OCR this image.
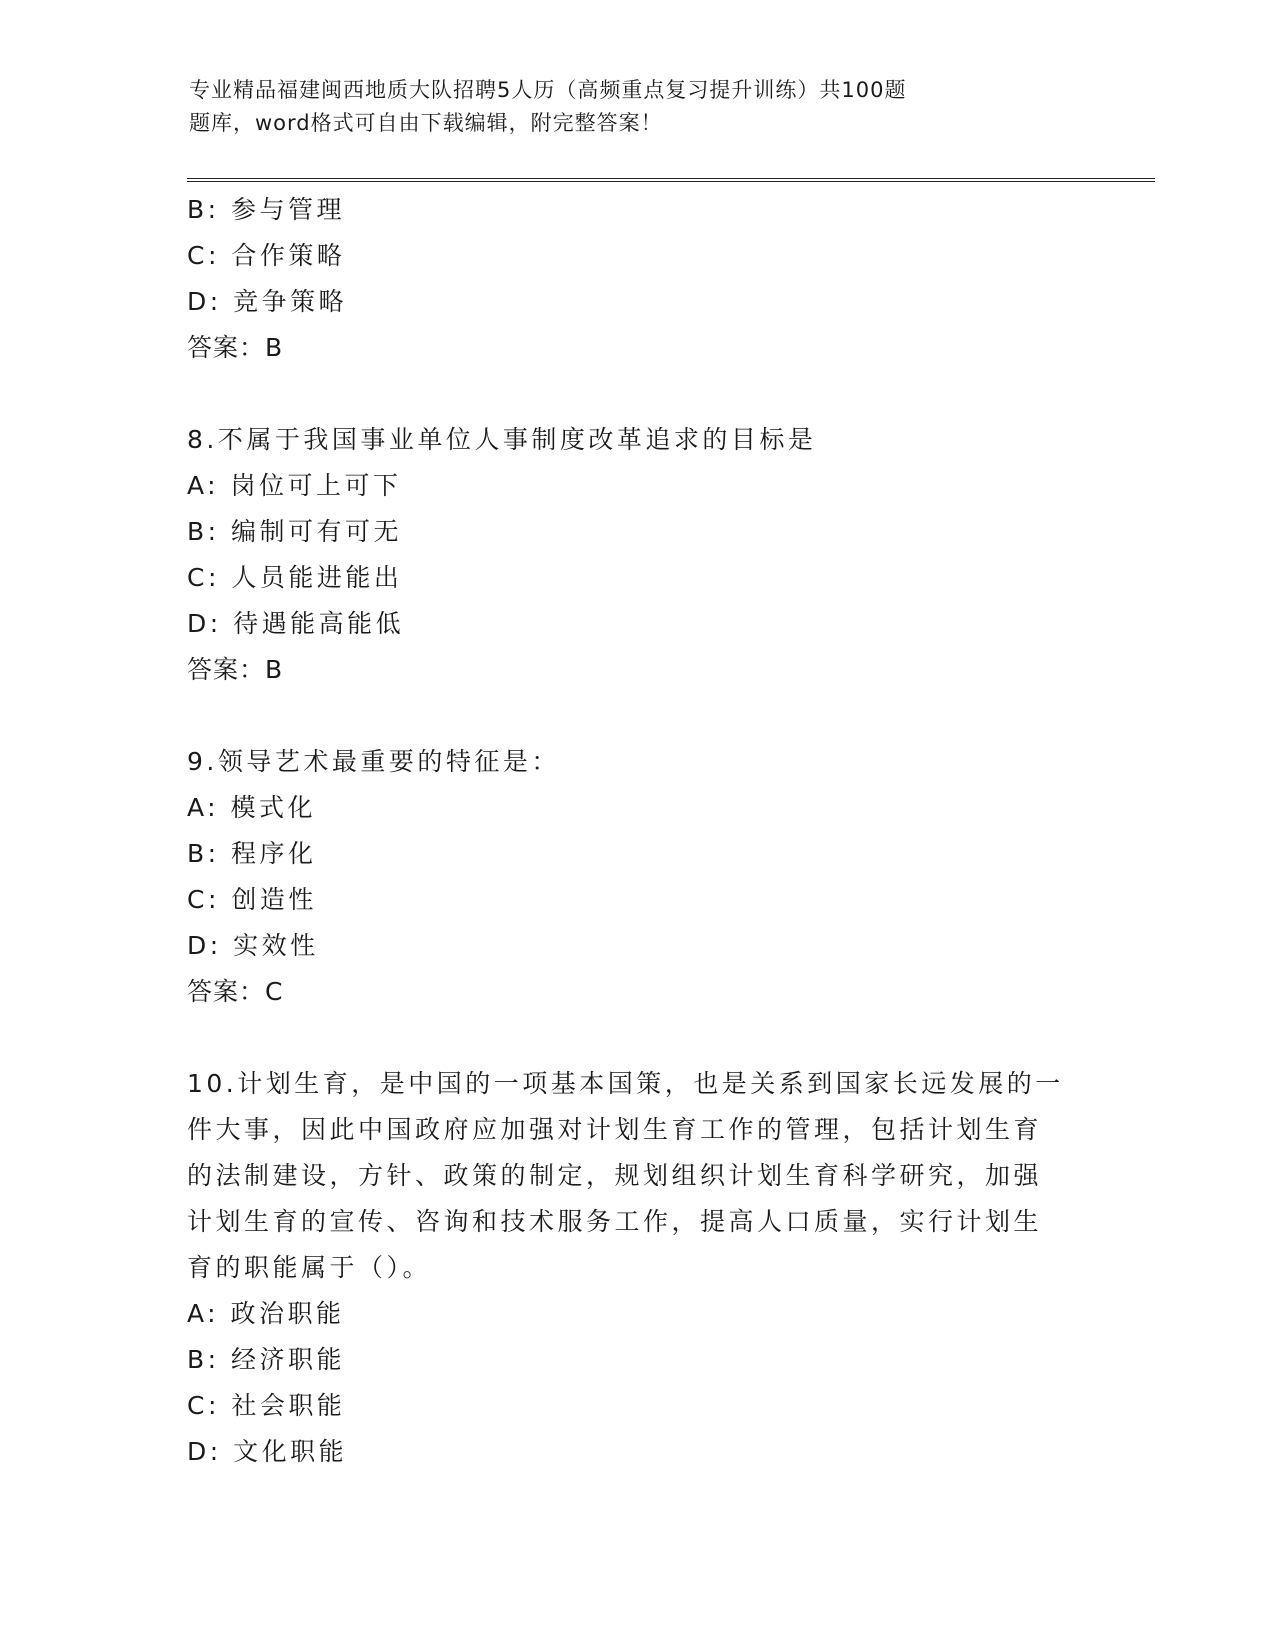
专业精品福建闽西地质大队招聘5人历（高频重点复习提升训练）共100题
题库，word格式可自由下载编辑，附完整答案！
B: 参与管理
C: 合作策略
D: 竞争策略
答案：B
8.不属于我国事业单位人事制度改革追求的目标是
A: 岗位可上可下
B: 编制可有可无
C: 人员能进能出
D: 待遇能高能低
答案：B
9.领导艺术最重要的特征是：
A: 模式化
B: 程序化
C: 创造性
D: 实效性
答案：C
10.计划生育，是中国的一项基本国策，也是关系到国家长远发展的一
件大事，因此中国政府应加强对计划生育工作的管理，包括计划生育
的法制建设，方针、政策的制定，规划组织计划生育科学研究，加强
计划生育的宣传、咨询和技术服务工作，提高人口质量，实行计划生
育的职能属于（）。
A: 政治职能
B: 经济职能
C: 社会职能
D: 文化职能
